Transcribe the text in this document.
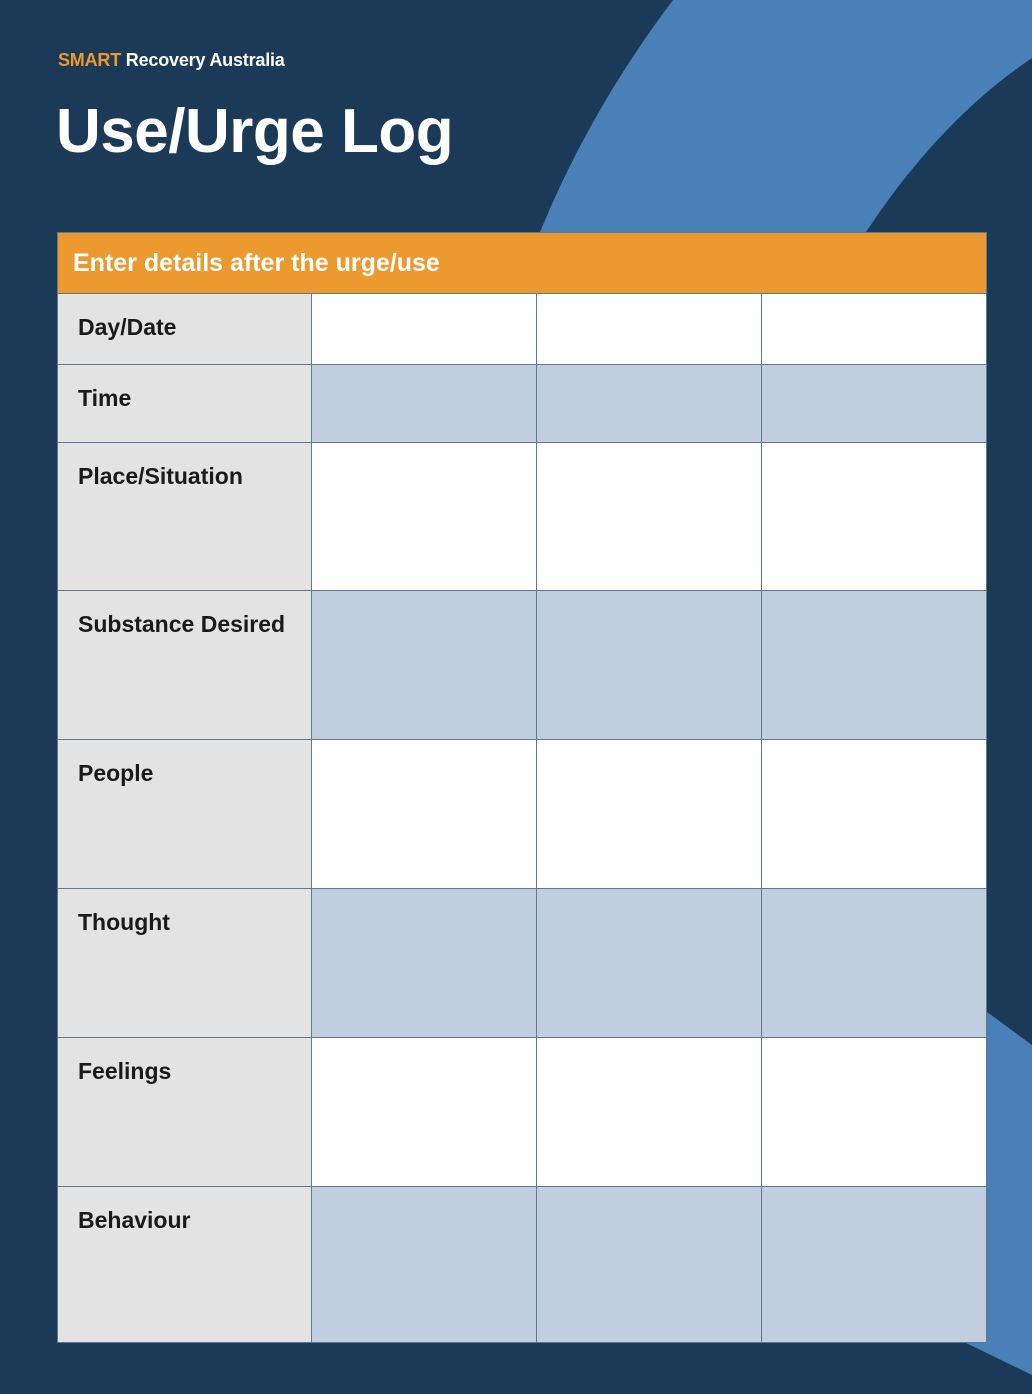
SMART Recovery Australia
Use/Urge Log
Enter details after the urge/use
Day/Date
Time
Place/Situation
Substance Desired
People
Thought
Feelings
Behaviour
